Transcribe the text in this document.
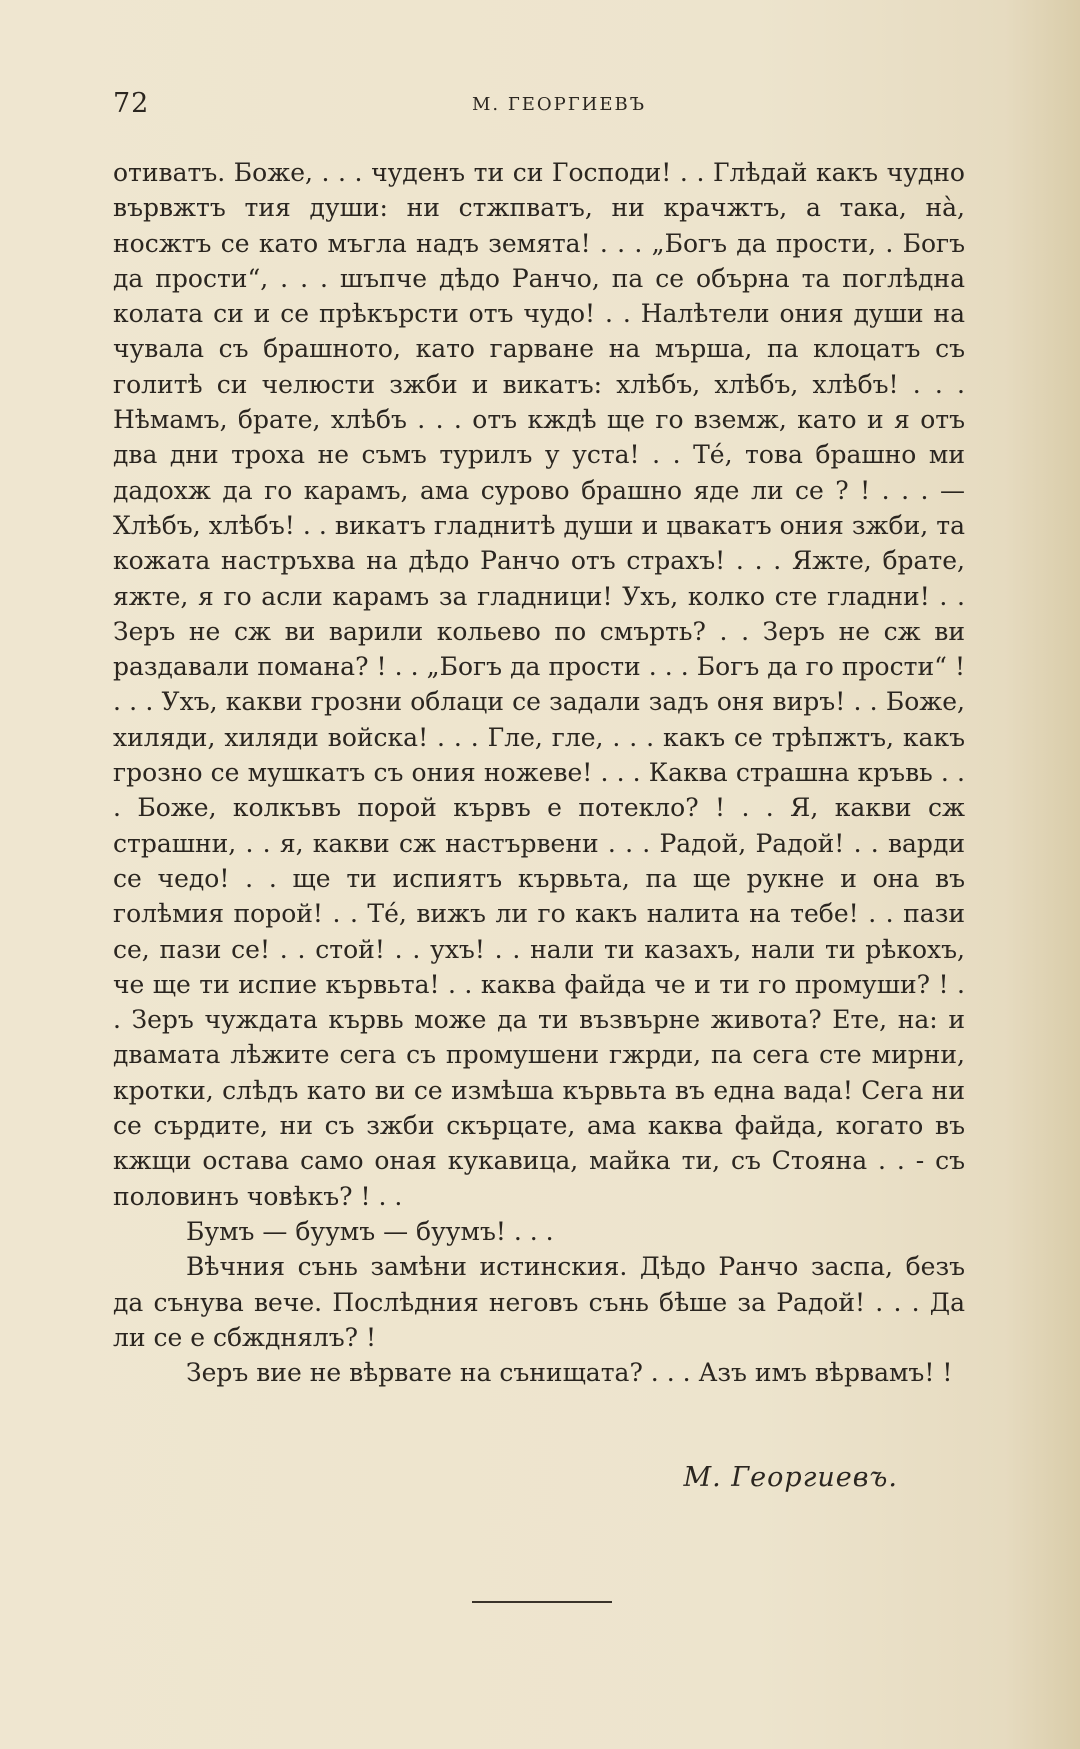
72	М. ГЕОРГИЕВЪ

отиватъ. Боже, . . . чуденъ ти си Господи! . . Глѣдай какъ чудно вървжтъ тия души: ни стжпватъ, ни крачжтъ, а така, нà, носжтъ се като мъгла надъ земята! . . . „Богъ да прости, . Богъ да прости“, . . . шъпче дѣдо Ранчо, па се обърна та поглѣдна колата си и се прѣкърсти отъ чудо! . . Налѣтели ония души на чувала съ брашното, като гарване на мърша, па клоцатъ съ голитѣ си челюсти зжби и викатъ: хлѣбъ, хлѣбъ, хлѣбъ! . . . Нѣмамъ, брате, хлѣбъ . . . отъ кждѣ ще го вземж, като и я отъ два дни троха не съмъ турилъ у уста! . . Тé, това брашно ми дадохж да го карамъ, ама сурово брашно яде ли се ? ! . . . — Хлѣбъ, хлѣбъ! . . викатъ гладнитѣ души и цвакатъ ония зжби, та кожата настръхва на дѣдо Ранчо отъ страхъ! . . . Яжте, брате, яжте, я го асли карамъ за гладници! Ухъ, колко сте гладни! . . Зеръ не сж ви варили кольево по смърть? . . Зеръ не сж ви раздавали помана? ! . . „Богъ да прости . . . Богъ да го прости“ ! . . . Ухъ, какви грозни облаци се задали задъ оня виръ! . . Боже, хиляди, хиляди войска! . . . Гле, гле, . . . какъ се трѣпжтъ, какъ грозно се мушкатъ съ ония ножеве! . . . Каква страшна кръвь . . . Боже, колкъвъ порой кървъ е потекло? ! . . Я, какви сж страшни, . . я, какви сж настървени . . . Радой, Радой! . . варди се чедо! . . ще ти испиятъ кървьта, па ще рукне и она въ голѣмия порой! . . Тé, вижъ ли го какъ налита на тебе! . . пази се, пази се! . . стой! . . ухъ! . . нали ти казахъ, нали ти рѣкохъ, че ще ти испие кървьта! . . каква файда че и ти го промуши? ! . . Зеръ чуждата кървь може да ти възвърне живота? Ете, на: и двамата лѣжите сега съ промушени гжрди, па сега сте мирни, кротки, слѣдъ като ви се измѣша кървьта въ една вада! Сега ни се сърдите, ни съ зжби скърцате, ама каква файда, когато въ кжщи остава само оная кукавица, майка ти, съ Стояна . . - съ половинъ човѣкъ? ! . .

Бумъ — буумъ — буумъ! . . .

Вѣчния сънь замѣни истинския. Дѣдо Ранчо заспа, безъ да сънува вече. Послѣдния неговъ сънь бѣше за Радой! . . . Да ли се е сбжднялъ? !

Зеръ вие не вѣрвате на сънищата? . . . Азъ имъ вѣрвамъ! !

М. Георгиевъ.
